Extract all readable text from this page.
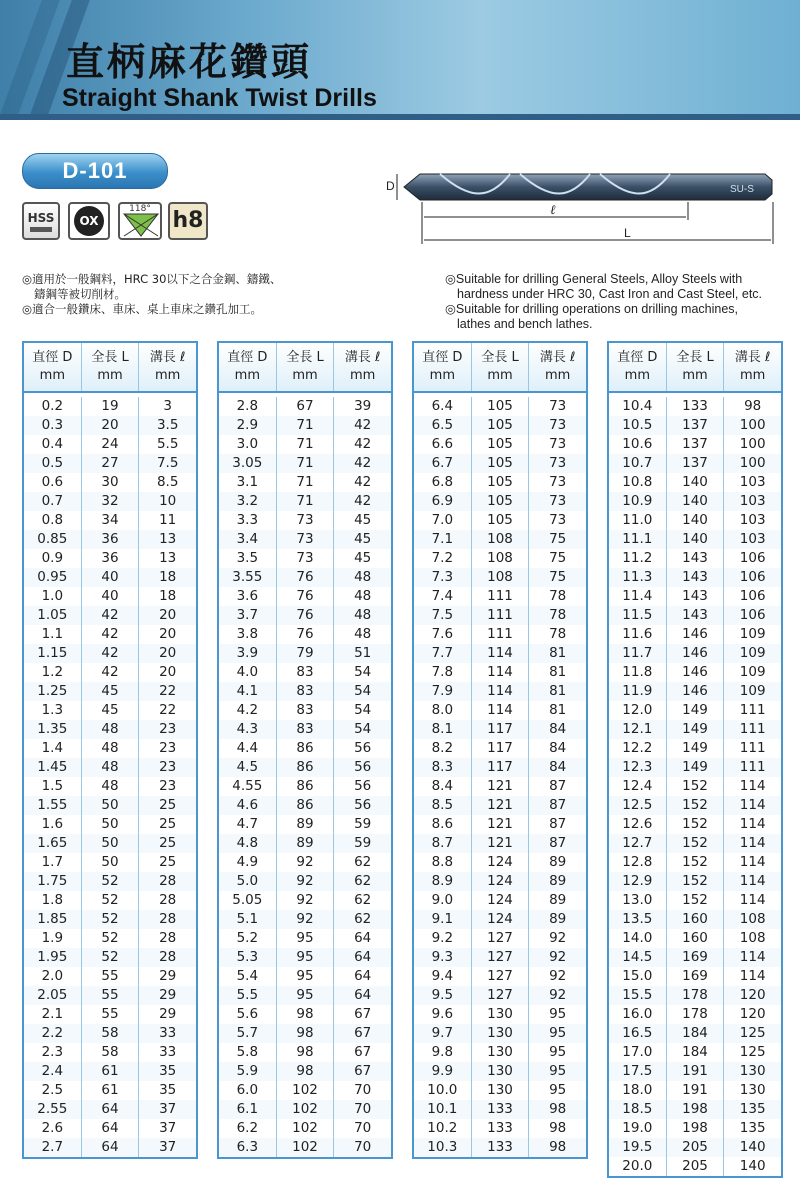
直柄麻花鑽頭
Straight Shank Twist Drills
D-101
HSS	OX
118° h8
D	SU-S
ℓ
L

◎適用於一般鋼料，HRC 30以下之合金鋼、鑄鐵、

鑄鋼等被切削材。

◎適合一般鑽床、車床、桌上車床之鑽孔加工。

◎Suitable for drilling General Steels, Alloy Steels with

hardness under HRC 30, Cast Iron and Cast Steel, etc.

◎Suitable for drilling operations on drilling machines,

lathes and bench lathes.

直徑 D
mm
全長 L
mm
溝長 ℓ
mm
0.2	19	3
0.3	20	3.5
0.4	24	5.5
0.5	27	7.5
0.6	30	8.5
0.7	32	10
0.8	34	11
0.85	36	13
0.9	36	13
0.95	40	18
1.0	40	18
1.05	42	20
1.1	42	20
1.15	42	20
1.2	42	20
1.25	45	22
1.3	45	22
1.35	48	23
1.4	48	23
1.45	48	23
1.5	48	23
1.55	50	25
1.6	50	25
1.65	50	25
1.7	50	25
1.75	52	28
1.8	52	28
1.85	52	28
1.9	52	28
1.95	52	28
2.0	55	29
2.05	55	29
2.1	55	29
2.2	58	33
2.3	58	33
2.4	61	35
2.5	61	35
2.55	64	37
2.6	64	37
2.7	64	37
直徑 D
mm
全長 L
mm
溝長 ℓ
mm
2.8	67	39
2.9	71	42
3.0	71	42
3.05	71	42
3.1	71	42
3.2	71	42
3.3	73	45
3.4	73	45
3.5	73	45
3.55	76	48
3.6	76	48
3.7	76	48
3.8	76	48
3.9	79	51
4.0	83	54
4.1	83	54
4.2	83	54
4.3	83	54
4.4	86	56
4.5	86	56
4.55	86	56
4.6	86	56
4.7	89	59
4.8	89	59
4.9	92	62
5.0	92	62
5.05	92	62
5.1	92	62
5.2	95	64
5.3	95	64
5.4	95	64
5.5	95	64
5.6	98	67
5.7	98	67
5.8	98	67
5.9	98	67
6.0	102	70
6.1	102	70
6.2	102	70
6.3	102	70
直徑 D
mm
全長 L
mm
溝長 ℓ
mm
6.4	105	73
6.5	105	73
6.6	105	73
6.7	105	73
6.8	105	73
6.9	105	73
7.0	105	73
7.1	108	75
7.2	108	75
7.3	108	75
7.4	111	78
7.5	111	78
7.6	111	78
7.7	114	81
7.8	114	81
7.9	114	81
8.0	114	81
8.1	117	84
8.2	117	84
8.3	117	84
8.4	121	87
8.5	121	87
8.6	121	87
8.7	121	87
8.8	124	89
8.9	124	89
9.0	124	89
9.1	124	89
9.2	127	92
9.3	127	92
9.4	127	92
9.5	127	92
9.6	130	95
9.7	130	95
9.8	130	95
9.9	130	95
10.0	130	95
10.1	133	98
10.2	133	98
10.3	133	98
直徑 D
mm
全長 L
mm
溝長 ℓ
mm
10.4	133	98
10.5	137	100
10.6	137	100
10.7	137	100
10.8	140	103
10.9	140	103
11.0	140	103
11.1	140	103
11.2	143	106
11.3	143	106
11.4	143	106
11.5	143	106
11.6	146	109
11.7	146	109
11.8	146	109
11.9	146	109
12.0	149	111
12.1	149	111
12.2	149	111
12.3	149	111
12.4	152	114
12.5	152	114
12.6	152	114
12.7	152	114
12.8	152	114
12.9	152	114
13.0	152	114
13.5	160	108
14.0	160	108
14.5	169	114
15.0	169	114
15.5	178	120
16.0	178	120
16.5	184	125
17.0	184	125
17.5	191	130
18.0	191	130
18.5	198	135
19.0	198	135
19.5	205	140
20.0	205	140
